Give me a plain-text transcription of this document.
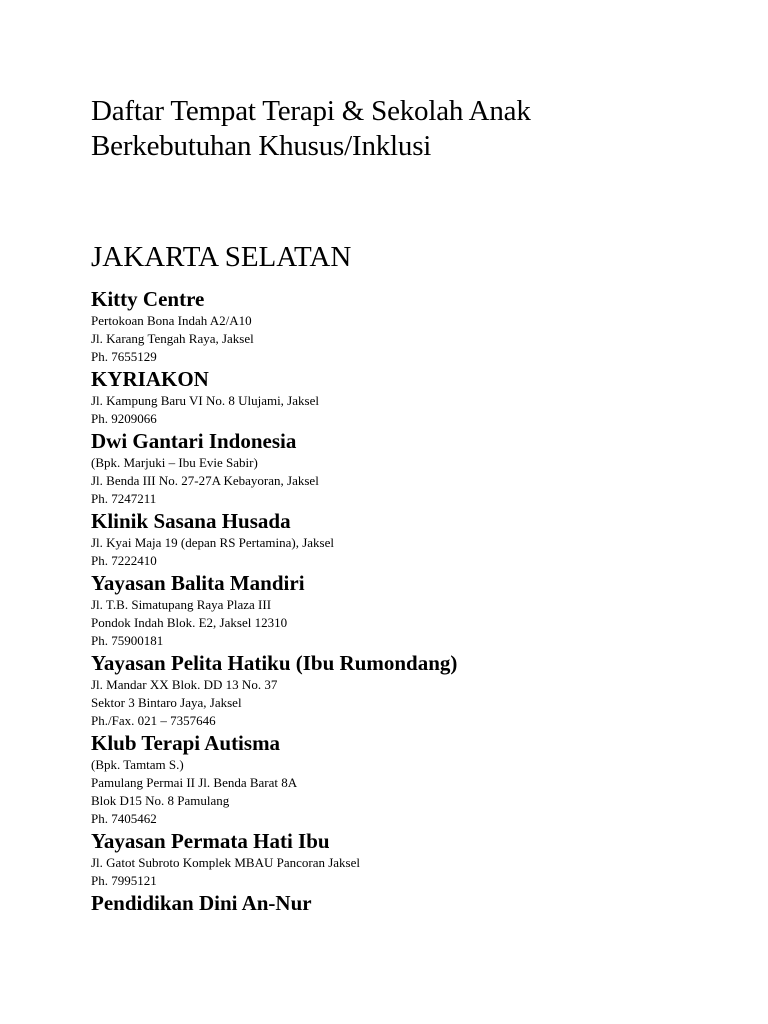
Daftar Tempat Terapi & Sekolah Anak
Berkebutuhan Khusus/Inklusi
JAKARTA SELATAN
Kitty Centre
Pertokoan Bona Indah A2/A10
Jl. Karang Tengah Raya, Jaksel
Ph. 7655129
KYRIAKON
Jl. Kampung Baru VI No. 8 Ulujami, Jaksel
Ph. 9209066
Dwi Gantari Indonesia
(Bpk. Marjuki – Ibu Evie Sabir)
Jl. Benda III No. 27-27A Kebayoran, Jaksel
Ph. 7247211
Klinik Sasana Husada
Jl. Kyai Maja 19 (depan RS Pertamina), Jaksel
Ph. 7222410
Yayasan Balita Mandiri
Jl. T.B. Simatupang Raya Plaza III
Pondok Indah Blok. E2, Jaksel 12310
Ph. 75900181
Yayasan Pelita Hatiku (Ibu Rumondang)
Jl. Mandar XX Blok. DD 13 No. 37
Sektor 3 Bintaro Jaya, Jaksel
Ph./Fax. 021 – 7357646
Klub Terapi Autisma
(Bpk. Tamtam S.)
Pamulang Permai II Jl. Benda Barat 8A
Blok D15 No. 8 Pamulang
Ph. 7405462
Yayasan Permata Hati Ibu
Jl. Gatot Subroto Komplek MBAU Pancoran Jaksel
Ph. 7995121
Pendidikan Dini An-Nur
